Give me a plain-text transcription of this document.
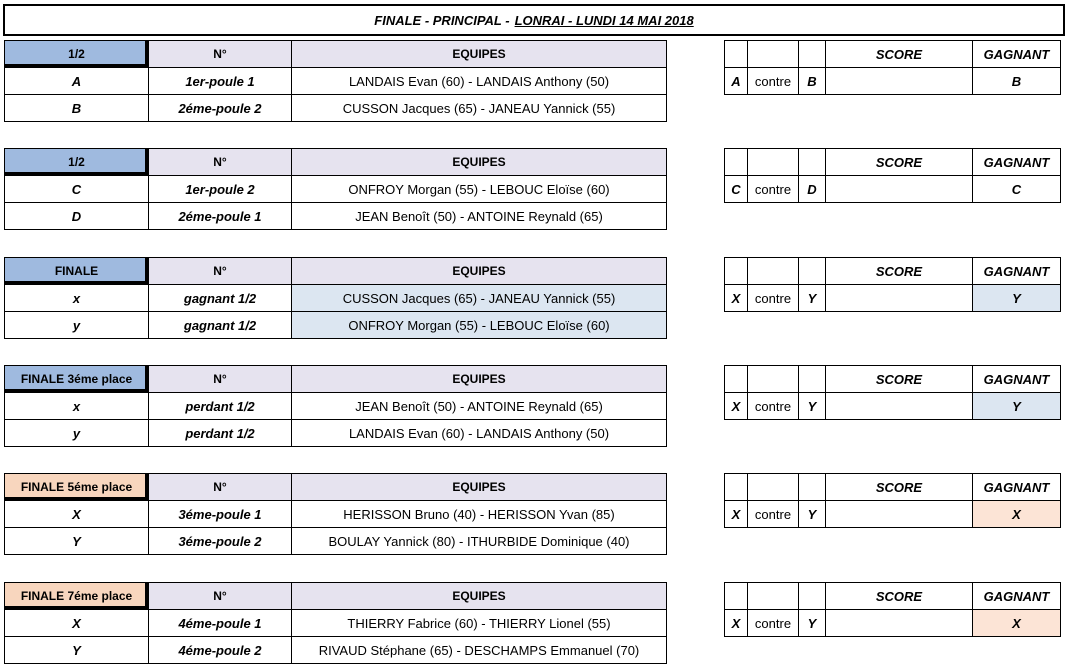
FINALE - PRINCIPAL - LONRAI - LUNDI 14 MAI 2018
1/2	N°	EQUIPES
A	1er-poule 1	LANDAIS Evan (60) - LANDAIS Anthony (50)
B	2éme-poule 2	CUSSON Jacques (65) - JANEAU Yannick (55)
			SCORE	GAGNANT
A	contre	B		B
1/2	N°	EQUIPES
C	1er-poule 2	ONFROY Morgan (55) - LEBOUC Eloïse (60)
D	2éme-poule 1	JEAN Benoît (50) - ANTOINE Reynald (65)
			SCORE	GAGNANT
C	contre	D		C
FINALE	N°	EQUIPES
x	gagnant 1/2	CUSSON Jacques (65) - JANEAU Yannick (55)
y	gagnant 1/2	ONFROY Morgan (55) - LEBOUC Eloïse (60)
			SCORE	GAGNANT
X	contre	Y		Y
FINALE 3éme place	N°	EQUIPES
x	perdant 1/2	JEAN Benoît (50) - ANTOINE Reynald (65)
y	perdant 1/2	LANDAIS Evan (60) - LANDAIS Anthony (50)
			SCORE	GAGNANT
X	contre	Y		Y
FINALE 5éme place	N°	EQUIPES
X	3éme-poule 1	HERISSON Bruno (40) - HERISSON Yvan (85)
Y	3éme-poule 2	BOULAY Yannick (80) - ITHURBIDE Dominique (40)
			SCORE	GAGNANT
X	contre	Y		X
FINALE 7éme place	N°	EQUIPES
X	4éme-poule 1	THIERRY Fabrice (60) - THIERRY Lionel (55)
Y	4éme-poule 2	RIVAUD Stéphane (65) - DESCHAMPS Emmanuel (70)
			SCORE	GAGNANT
X	contre	Y		X
